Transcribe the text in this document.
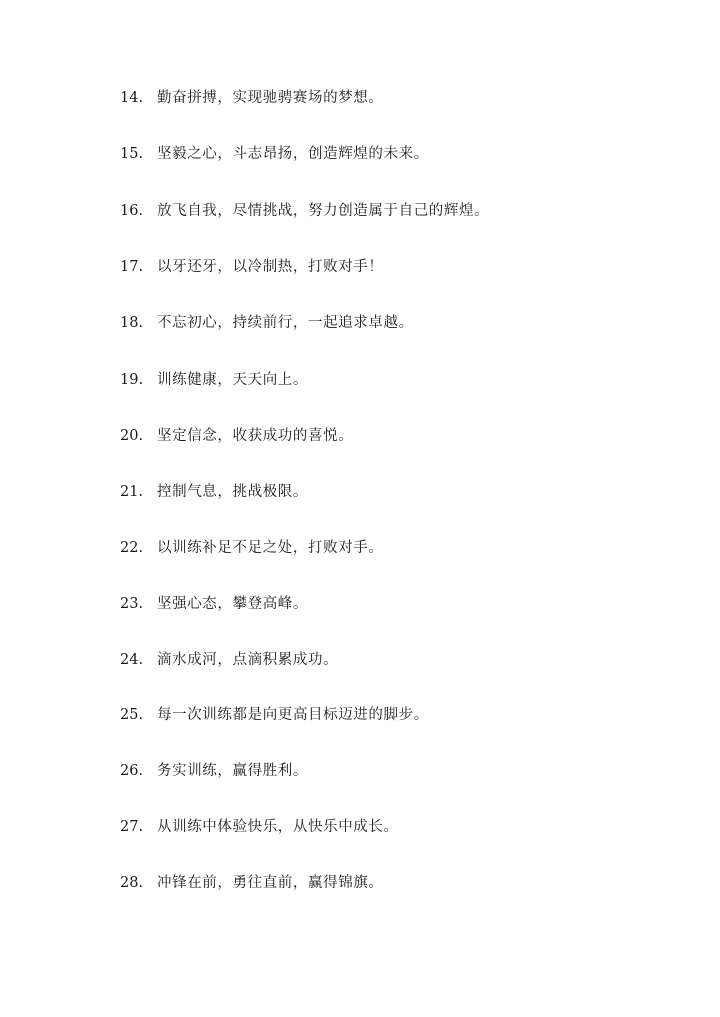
14. 勤奋拼搏，实现驰骋赛场的梦想。
15. 坚毅之心，斗志昂扬，创造辉煌的未来。
16. 放飞自我，尽情挑战，努力创造属于自己的辉煌。
17. 以牙还牙，以冷制热，打败对手！
18. 不忘初心，持续前行，一起追求卓越。
19. 训练健康，天天向上。
20. 坚定信念，收获成功的喜悦。
21. 控制气息，挑战极限。
22. 以训练补足不足之处，打败对手。
23. 坚强心态，攀登高峰。
24. 滴水成河，点滴积累成功。
25. 每一次训练都是向更高目标迈进的脚步。
26. 务实训练，赢得胜利。
27. 从训练中体验快乐，从快乐中成长。
28. 冲锋在前，勇往直前，赢得锦旗。
